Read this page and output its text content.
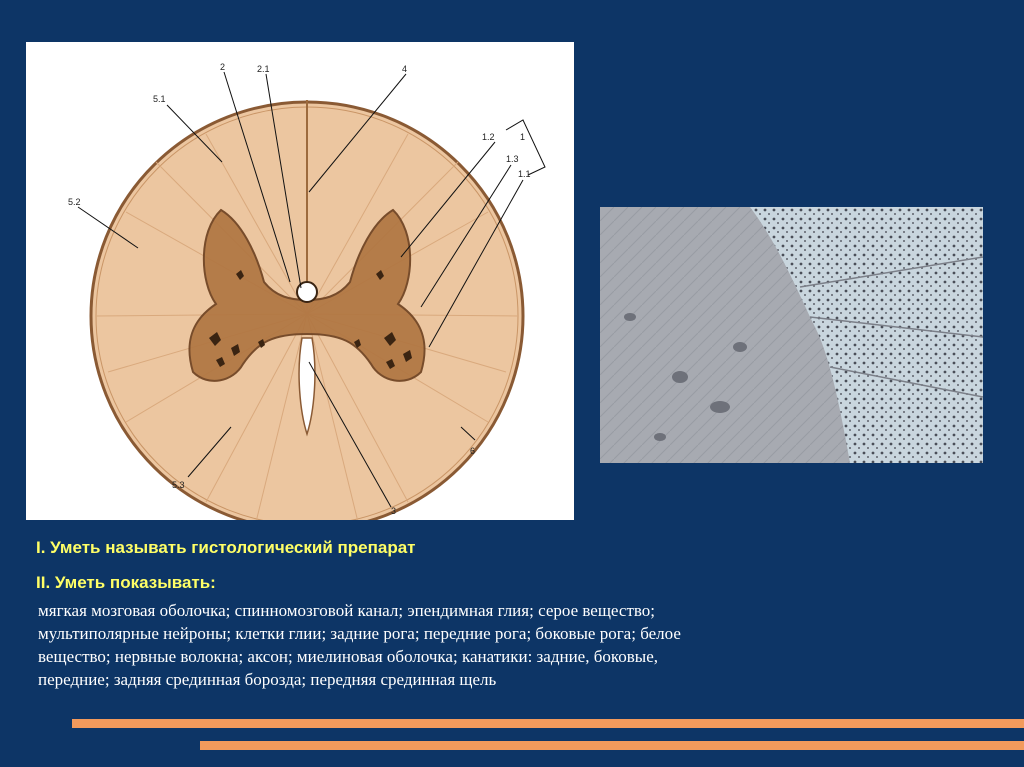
2	2.1	4
5.1
1.2	1
1.3
1.1
5.2
6
5.3
3
I. Уметь называть гистологический препарат
II. Уметь показывать:
мягкая мозговая оболочка; спинномозговой канал; эпендимная глия; серое вещество;
мультиполярные нейроны; клетки глии; задние рога; передние рога; боковые рога; белое
вещество; нервные волокна; аксон; миелиновая оболочка; канатики: задние, боковые,
передние; задняя срединная борозда; передняя срединная щель
